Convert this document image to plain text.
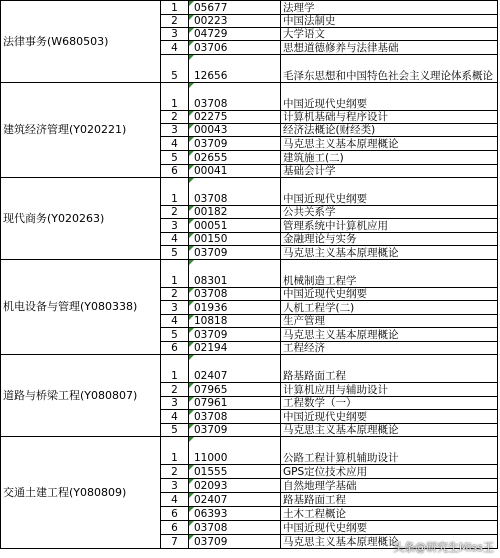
法律事务(W680503)	1	05677	法理学
	2	00223	中国法制史
	3	04729	大学语文
	4	03706	思想道德修养与法律基础
	5	12656	毛泽东思想和中国特色社会主义理论体系概论
建筑经济管理(Y020221)	1	03708	中国近现代史纲要
	2	02275	计算机基础与程序设计
	3	00043	经济法概论(财经类)
	4	03709	马克思主义基本原理概论
	5	02655	建筑施工(二)
	6	00041	基础会计学
现代商务(Y020263)	1	03708	中国近现代史纲要
	2	00182	公共关系学
	3	00051	管理系统中计算机应用
	4	00150	金融理论与实务
	5	03709	马克思主义基本原理概论
机电设备与管理(Y080338)	1	08301	机械制造工程学
	2	03708	中国近现代史纲要
	3	01936	人机工程学(二)
	4	10818	生产管理
	5	03709	马克思主义基本原理概论
	6	02194	工程经济
道路与桥梁工程(Y080807)	1	02407	路基路面工程
	2	07965	计算机应用与辅助设计
	3	07961	工程数学（一）
	4	03708	中国近现代史纲要
	5	03709	马克思主义基本原理概论
交通土建工程(Y080809)	1	11000	公路工程计算机辅助设计
	2	01555	GPS定位技术应用
	3	02093	自然地理学基础
	4	02407	路基路面工程
	6	06393	土木工程概论
	6	03708	中国近现代史纲要
	7	03709	马克思主义基本原理概论
头条@研究生Miss王
